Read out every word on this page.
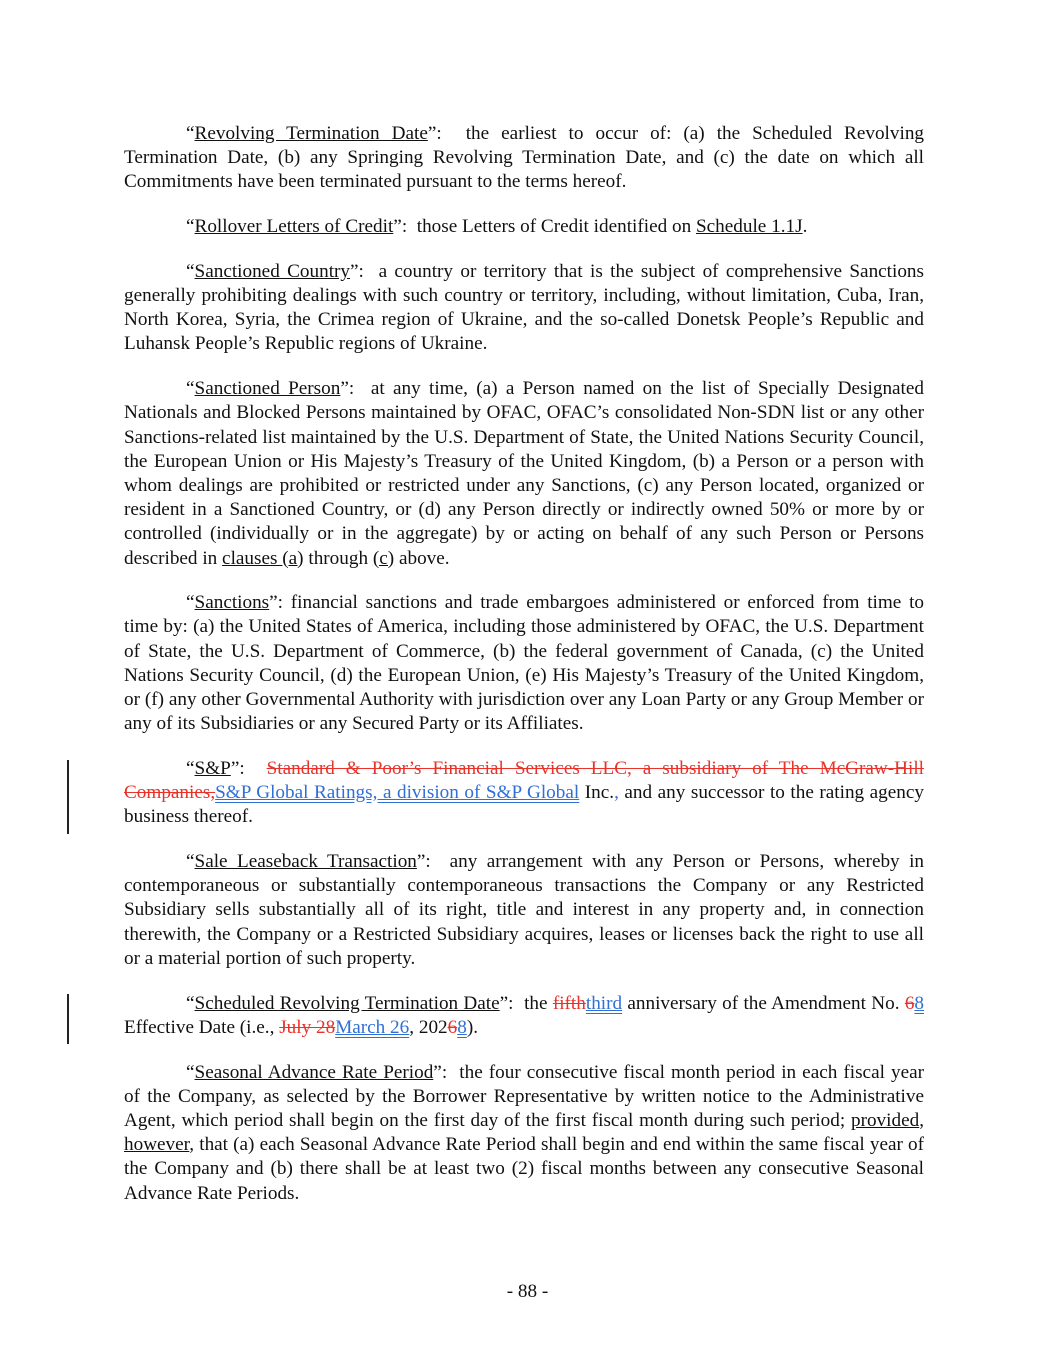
“Revolving Termination Date”:  the earliest to occur of: (a) the Scheduled Revolving Termination Date, (b) any Springing Revolving Termination Date, and (c) the date on which all Commitments have been terminated pursuant to the terms hereof.

“Rollover Letters of Credit”:  those Letters of Credit identified on Schedule 1.1J.

“Sanctioned Country”:  a country or territory that is the subject of comprehensive Sanctions generally prohibiting dealings with such country or territory, including, without limitation, Cuba, Iran, North Korea, Syria, the Crimea region of Ukraine, and the so-called Donetsk People’s Republic and Luhansk People’s Republic regions of Ukraine.

“Sanctioned Person”:  at any time, (a) a Person named on the list of Specially Designated Nationals and Blocked Persons maintained by OFAC, OFAC’s consolidated Non-SDN list or any other Sanctions-related list maintained by the U.S. Department of State, the United Nations Security Council, the European Union or His Majesty’s Treasury of the United Kingdom, (b) a Person or a person with whom dealings are prohibited or restricted under any Sanctions, (c) any Person located, organized or resident in a Sanctioned Country, or (d) any Person directly or indirectly owned 50% or more by or controlled (individually or in the aggregate) by or acting on behalf of any such Person or Persons described in clauses (a) through (c) above.

“Sanctions”: financial sanctions and trade embargoes administered or enforced from time to time by: (a) the United States of America, including those administered by OFAC, the U.S. Department of State, the U.S. Department of Commerce, (b) the federal government of Canada, (c) the United Nations Security Council, (d) the European Union, (e) His Majesty’s Treasury of the United Kingdom, or (f) any other Governmental Authority with jurisdiction over any Loan Party or any Group Member or any of its Subsidiaries or any Secured Party or its Affiliates.

“S&P”:  Standard & Poor’s Financial Services LLC, a subsidiary of The McGraw-Hill Companies,S&P Global Ratings, a division of S&P Global Inc., and any successor to the rating agency business thereof.

“Sale Leaseback Transaction”:  any arrangement with any Person or Persons, whereby in contemporaneous or substantially contemporaneous transactions the Company or any Restricted Subsidiary sells substantially all of its right, title and interest in any property and, in connection therewith, the Company or a Restricted Subsidiary acquires, leases or licenses back the right to use all or a material portion of such property.

“Scheduled Revolving Termination Date”:  the fifththird anniversary of the Amendment No. 68 Effective Date (i.e., July 28March 26, 20268).

“Seasonal Advance Rate Period”:  the four consecutive fiscal month period in each fiscal year of the Company, as selected by the Borrower Representative by written notice to the Administrative Agent, which period shall begin on the first day of the first fiscal month during such period; provided, however, that (a) each Seasonal Advance Rate Period shall begin and end within the same fiscal year of the Company and (b) there shall be at least two (2) fiscal months between any consecutive Seasonal Advance Rate Periods.

- 88 -
